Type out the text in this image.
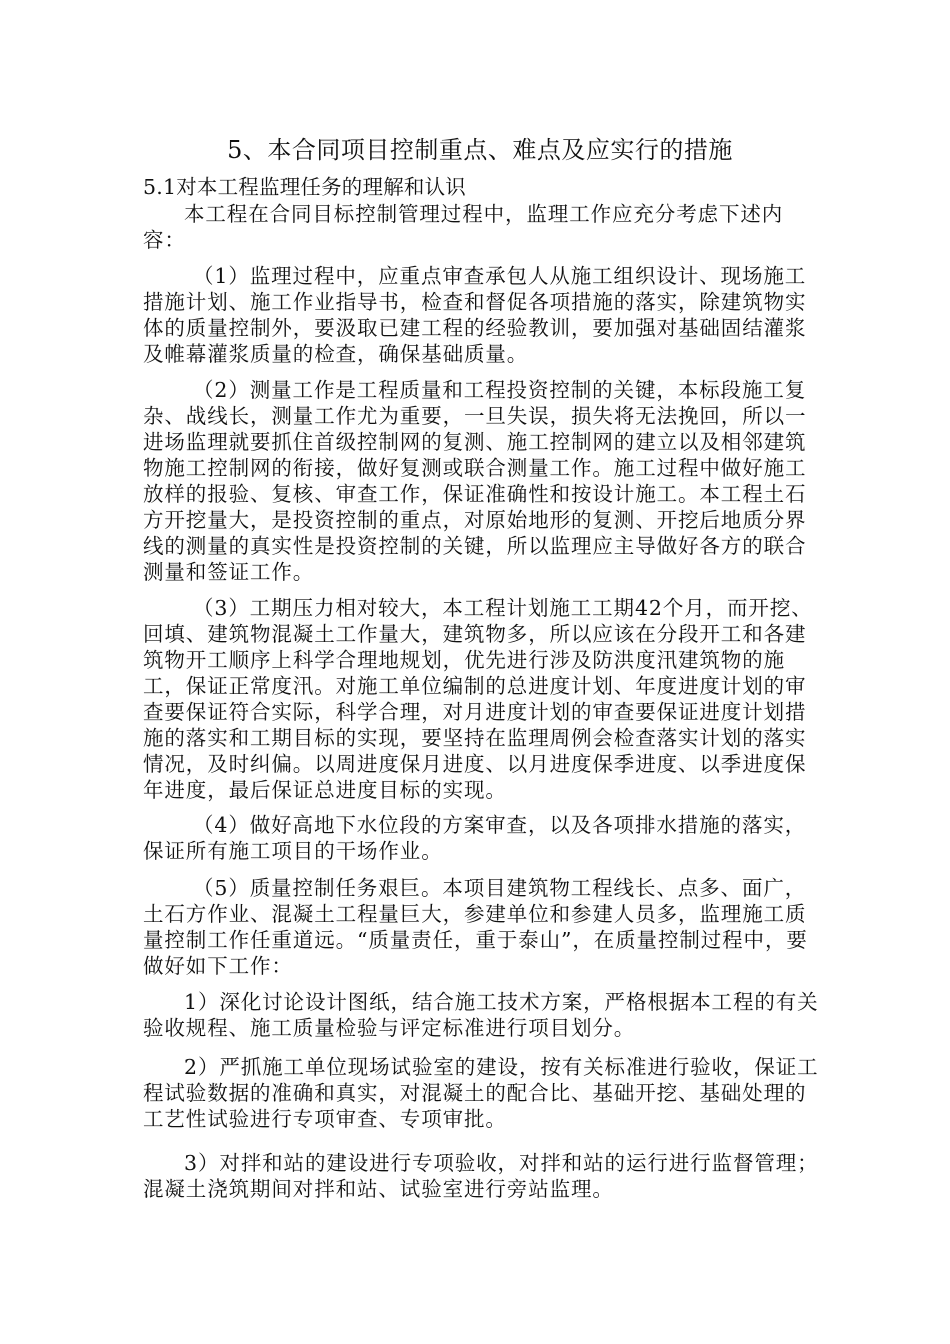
5、本合同项目控制重点、难点及应实行的措施
5.1对本工程监理任务的理解和认识

本工程在合同目标控制管理过程中，监理工作应充分考虑下述内容：

（1）监理过程中，应重点审查承包人从施工组织设计、现场施工措施计划、施工作业指导书，检查和督促各项措施的落实，除建筑物实体的质量控制外，要汲取已建工程的经验教训，要加强对基础固结灌浆及帷幕灌浆质量的检查，确保基础质量。

（2）测量工作是工程质量和工程投资控制的关键，本标段施工复杂、战线长，测量工作尤为重要，一旦失误，损失将无法挽回，所以一进场监理就要抓住首级控制网的复测、施工控制网的建立以及相邻建筑物施工控制网的衔接，做好复测或联合测量工作。施工过程中做好施工放样的报验、复核、审查工作，保证准确性和按设计施工。本工程土石方开挖量大，是投资控制的重点，对原始地形的复测、开挖后地质分界线的测量的真实性是投资控制的关键，所以监理应主导做好各方的联合测量和签证工作。

（3）工期压力相对较大，本工程计划施工工期42个月，而开挖、回填、建筑物混凝土工作量大，建筑物多，所以应该在分段开工和各建筑物开工顺序上科学合理地规划，优先进行涉及防洪度汛建筑物的施工，保证正常度汛。对施工单位编制的总进度计划、年度进度计划的审查要保证符合实际，科学合理，对月进度计划的审查要保证进度计划措施的落实和工期目标的实现，要坚持在监理周例会检查落实计划的落实情况，及时纠偏。以周进度保月进度、以月进度保季进度、以季进度保年进度，最后保证总进度目标的实现。

（4）做好高地下水位段的方案审查，以及各项排水措施的落实，保证所有施工项目的干场作业。

（5）质量控制任务艰巨。本项目建筑物工程线长、点多、面广，土石方作业、混凝土工程量巨大，参建单位和参建人员多，监理施工质量控制工作任重道远。“质量责任，重于泰山”，在质量控制过程中，要做好如下工作：

1）深化讨论设计图纸，结合施工技术方案，严格根据本工程的有关验收规程、施工质量检验与评定标准进行项目划分。

2）严抓施工单位现场试验室的建设，按有关标准进行验收，保证工程试验数据的准确和真实，对混凝土的配合比、基础开挖、基础处理的工艺性试验进行专项审查、专项审批。

3）对拌和站的建设进行专项验收，对拌和站的运行进行监督管理；混凝土浇筑期间对拌和站、试验室进行旁站监理。
